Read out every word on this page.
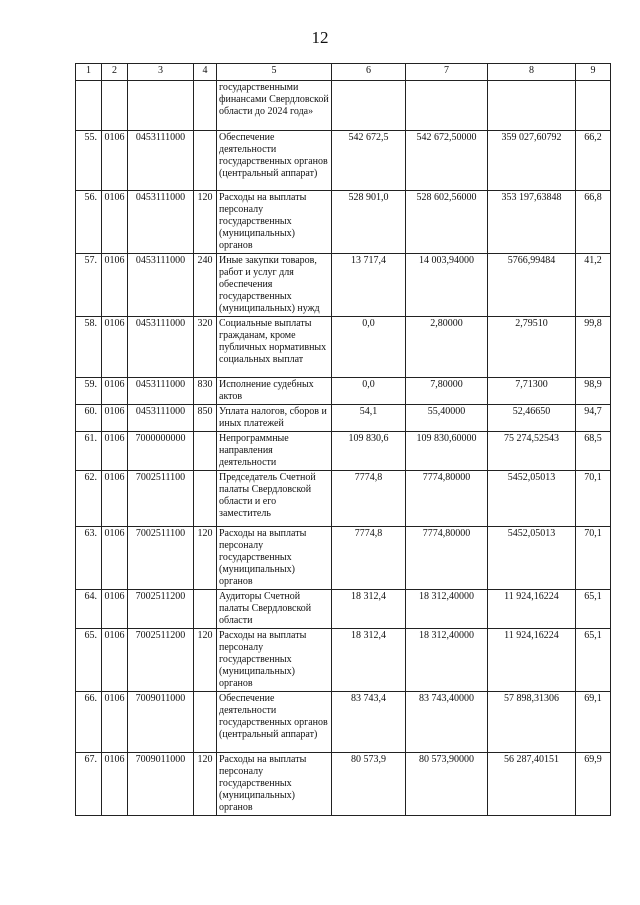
12
1	2	3	4	5	6	7	8	9
				государственными финансами Свердловской области до 2024 года»				
55.	0106	0453111000		Обеспечение деятельности государственных органов (центральный аппарат)	542 672,5	542 672,50000	359 027,60792	66,2
56.	0106	0453111000	120	Расходы на выплаты персоналу государственных (муниципальных) органов	528 901,0	528 602,56000	353 197,63848	66,8
57.	0106	0453111000	240	Иные закупки товаров, работ и услуг для обеспечения государственных (муниципальных) нужд	13 717,4	14 003,94000	5766,99484	41,2
58.	0106	0453111000	320	Социальные выплаты гражданам, кроме публичных нормативных социальных выплат	0,0	2,80000	2,79510	99,8
59.	0106	0453111000	830	Исполнение судебных актов	0,0	7,80000	7,71300	98,9
60.	0106	0453111000	850	Уплата налогов, сборов и иных платежей	54,1	55,40000	52,46650	94,7
61.	0106	7000000000		Непрограммные направления деятельности	109 830,6	109 830,60000	75 274,52543	68,5
62.	0106	7002511100		Председатель Счетной палаты Свердловской области и его заместитель	7774,8	7774,80000	5452,05013	70,1
63.	0106	7002511100	120	Расходы на выплаты персоналу государственных (муниципальных) органов	7774,8	7774,80000	5452,05013	70,1
64.	0106	7002511200		Аудиторы Счетной палаты Свердловской области	18 312,4	18 312,40000	11 924,16224	65,1
65.	0106	7002511200	120	Расходы на выплаты персоналу государственных (муниципальных) органов	18 312,4	18 312,40000	11 924,16224	65,1
66.	0106	7009011000		Обеспечение деятельности государственных органов (центральный аппарат)	83 743,4	83 743,40000	57 898,31306	69,1
67.	0106	7009011000	120	Расходы на выплаты персоналу государственных (муниципальных) органов	80 573,9	80 573,90000	56 287,40151	69,9
